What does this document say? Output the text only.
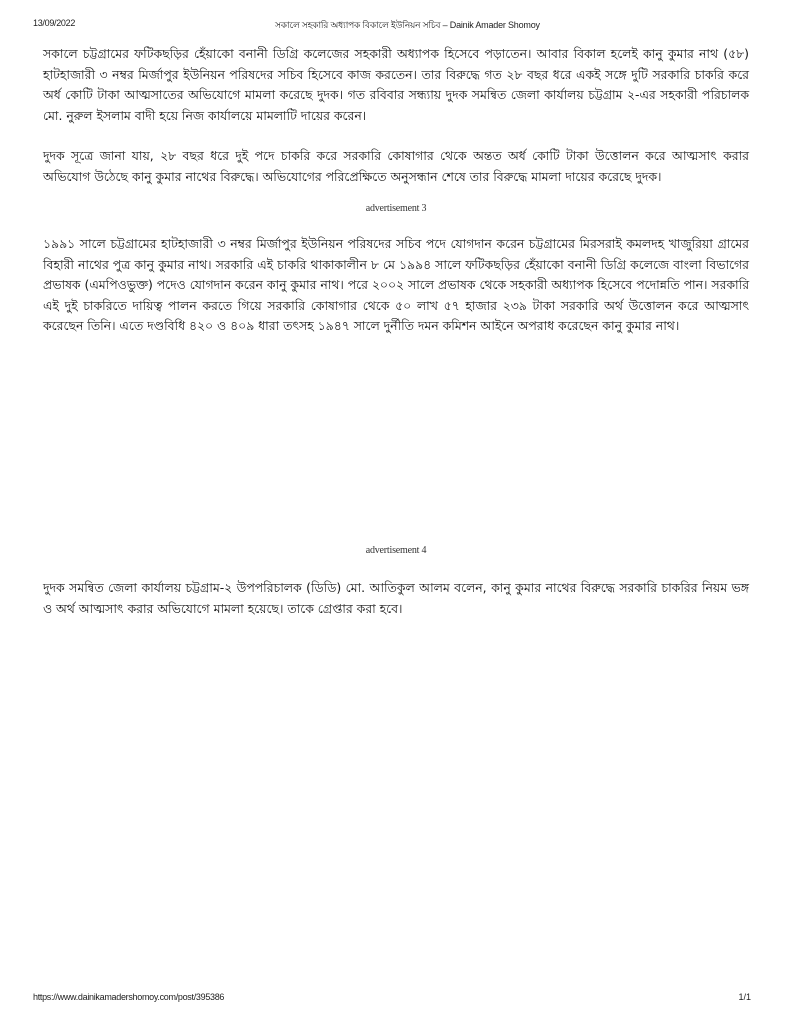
13/09/2022	সকালে সহকারি অধ্যাপক বিকালে ইউনিয়ন সচিব – Dainik Amader Shomoy

সকালে চট্টগ্রামের ফটিকছড়ির হেঁয়াকো বনানী ডিগ্রি কলেজের সহকারী অধ্যাপক হিসেবে পড়াতেন। আবার বিকাল হলেই কানু কুমার নাথ (৫৮) হাটহাজারী ৩ নম্বর মির্জাপুর ইউনিয়ন পরিষদের সচিব হিসেবে কাজ করতেন। তার বিরুদ্ধে গত ২৮ বছর ধরে একই সঙ্গে দুটি সরকারি চাকরি করে অর্ধ কোটি টাকা আত্মসাতের অভিযোগে মামলা করেছে দুদক। গত রবিবার সন্ধ্যায় দুদক সমন্বিত জেলা কার্যালয় চট্টগ্রাম ২-এর সহকারী পরিচালক মো. নুরুল ইসলাম বাদী হয়ে নিজ কার্যালয়ে মামলাটি দায়ের করেন।

দুদক সূত্রে জানা যায়, ২৮ বছর ধরে দুই পদে চাকরি করে সরকারি কোষাগার থেকে অন্তত অর্ধ কোটি টাকা উত্তোলন করে আত্মসাৎ করার অভিযোগ উঠেছে কানু কুমার নাথের বিরুদ্ধে। অভিযোগের পরিপ্রেক্ষিতে অনুসন্ধান শেষে তার বিরুদ্ধে মামলা দায়ের করেছে দুদক।

advertisement 3

১৯৯১ সালে চট্টগ্রামের হাটহাজারী ৩ নম্বর মির্জাপুর ইউনিয়ন পরিষদের সচিব পদে যোগদান করেন চট্টগ্রামের মিরসরাই কমলদহ খাজুরিয়া গ্রামের বিহারী নাথের পুত্র কানু কুমার নাথ। সরকারি এই চাকরি থাকাকালীন ৮ মে ১৯৯৪ সালে ফটিকছড়ির হেঁয়াকো বনানী ডিগ্রি কলেজে বাংলা বিভাগের প্রভাষক (এমপিওভুক্ত) পদেও যোগদান করেন কানু কুমার নাথ। পরে ২০০২ সালে প্রভাষক থেকে সহকারী অধ্যাপক হিসেবে পদোন্নতি পান। সরকারি এই দুই চাকরিতে দায়িত্ব পালন করতে গিয়ে সরকারি কোষাগার থেকে ৫০ লাখ ৫৭ হাজার ২৩৯ টাকা সরকারি অর্থ উত্তোলন করে আত্মসাৎ করেছেন তিনি। এতে দণ্ডবিধি ৪২০ ও ৪০৯ ধারা তৎসহ ১৯৪৭ সালে দুর্নীতি দমন কমিশন আইনে অপরাধ করেছেন কানু কুমার নাথ।

advertisement 4

দুদক সমন্বিত জেলা কার্যালয় চট্টগ্রাম-২ উপপরিচালক (ডিডি) মো. আতিকুল আলম বলেন, কানু কুমার নাথের বিরুদ্ধে সরকারি চাকরির নিয়ম ভঙ্গ ও অর্থ আত্মসাৎ করার অভিযোগে মামলা হয়েছে। তাকে গ্রেপ্তার করা হবে।

https://www.dainikamadershomoy.com/post/395386	1/1
